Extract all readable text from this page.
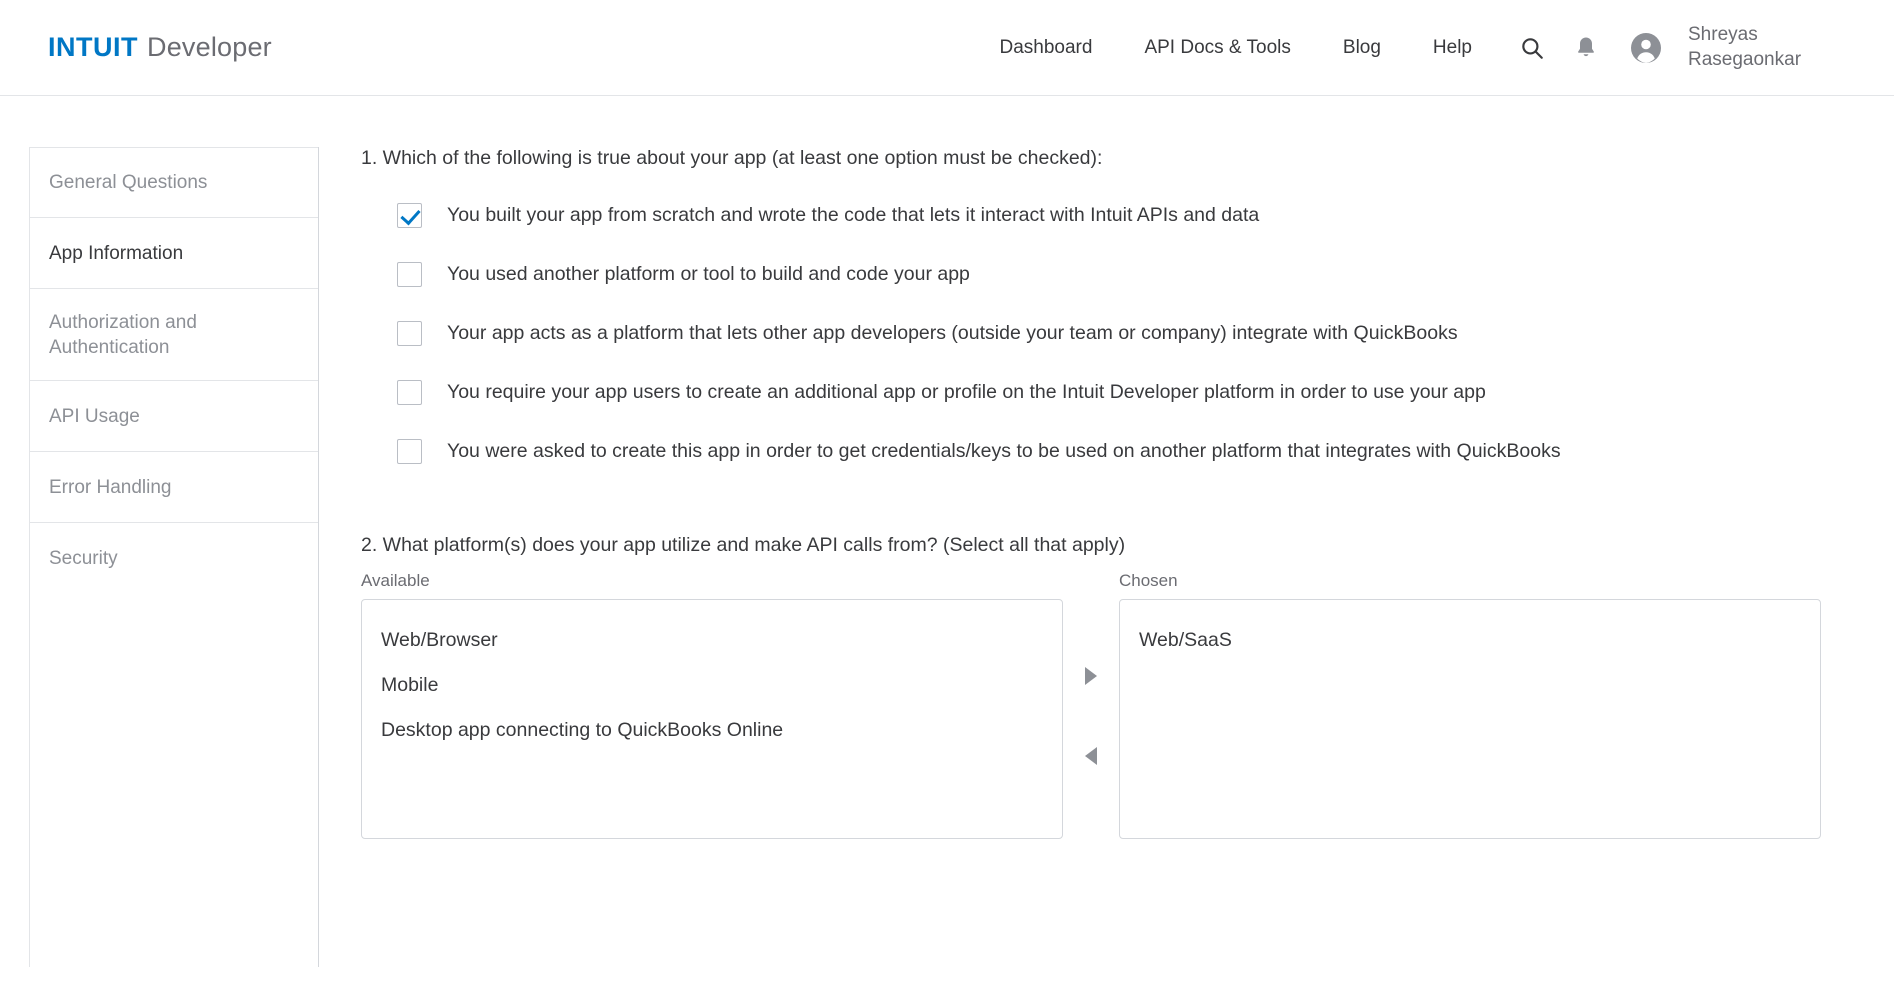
INTUIT Developer	Dashboard	API Docs & Tools	Blog	Help
Shreyas Rasegaonkar
General Questions
App Information
Authorization and Authentication
API Usage
Error Handling
Security
1. Which of the following is true about your app (at least one option must be checked):
You built your app from scratch and wrote the code that lets it interact with Intuit APIs and data
You used another platform or tool to build and code your app
Your app acts as a platform that lets other app developers (outside your team or company) integrate with QuickBooks
You require your app users to create an additional app or profile on the Intuit Developer platform in order to use your app
You were asked to create this app in order to get credentials/keys to be used on another platform that integrates with QuickBooks
2. What platform(s) does your app utilize and make API calls from? (Select all that apply)
Available
Web/Browser
Mobile
Desktop app connecting to QuickBooks Online
Chosen
Web/SaaS
